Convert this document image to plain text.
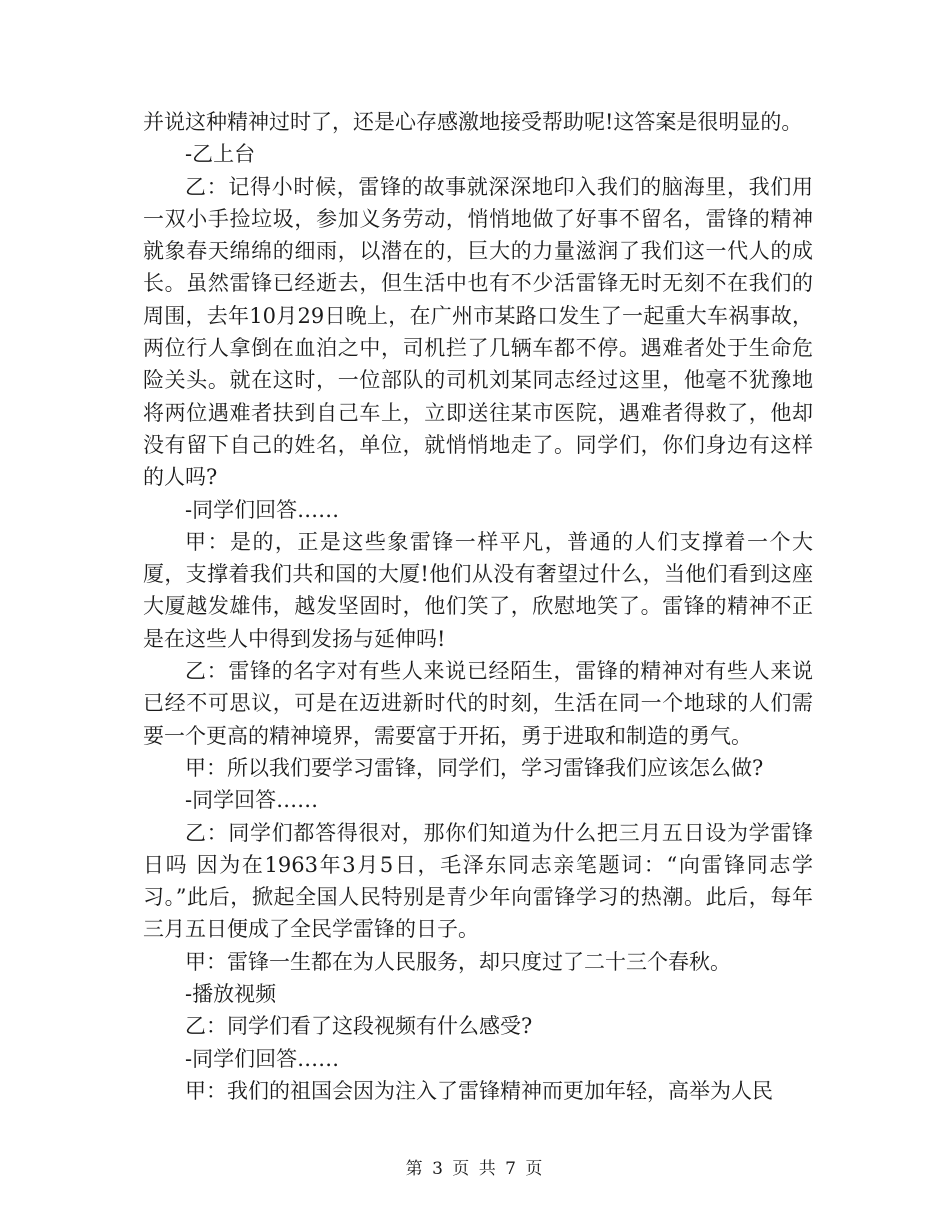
并说这种精神过时了，还是心存感激地接受帮助呢!这答案是很明显的。

-乙上台

乙：记得小时候，雷锋的故事就深深地印入我们的脑海里，我们用一双小手捡垃圾，参加义务劳动，悄悄地做了好事不留名，雷锋的精神就象春天绵绵的细雨，以潜在的，巨大的力量滋润了我们这一代人的成长。虽然雷锋已经逝去，但生活中也有不少活雷锋无时无刻不在我们的周围，去年10月29日晚上，在广州市某路口发生了一起重大车祸事故，两位行人拿倒在血泊之中，司机拦了几辆车都不停。遇难者处于生命危险关头。就在这时，一位部队的司机刘某同志经过这里，他毫不犹豫地将两位遇难者扶到自己车上，立即送往某市医院，遇难者得救了，他却没有留下自己的姓名，单位，就悄悄地走了。同学们，你们身边有这样的人吗?

-同学们回答……

甲：是的，正是这些象雷锋一样平凡，普通的人们支撑着一个大厦，支撑着我们共和国的大厦!他们从没有奢望过什么，当他们看到这座大厦越发雄伟，越发坚固时，他们笑了，欣慰地笑了。雷锋的精神不正是在这些人中得到发扬与延伸吗!

乙：雷锋的名字对有些人来说已经陌生，雷锋的精神对有些人来说已经不可思议，可是在迈进新时代的时刻，生活在同一个地球的人们需要一个更高的精神境界，需要富于开拓，勇于进取和制造的勇气。

甲：所以我们要学习雷锋，同学们，学习雷锋我们应该怎么做?

-同学回答……

乙：同学们都答得很对，那你们知道为什么把三月五日设为学雷锋日吗 因为在1963年3月5日，毛泽东同志亲笔题词：“向雷锋同志学习。”此后，掀起全国人民特别是青少年向雷锋学习的热潮。此后，每年三月五日便成了全民学雷锋的日子。

甲：雷锋一生都在为人民服务，却只度过了二十三个春秋。

-播放视频

乙：同学们看了这段视频有什么感受?

-同学们回答……

甲：我们的祖国会因为注入了雷锋精神而更加年轻，高举为人民

第 3 页 共 7 页
